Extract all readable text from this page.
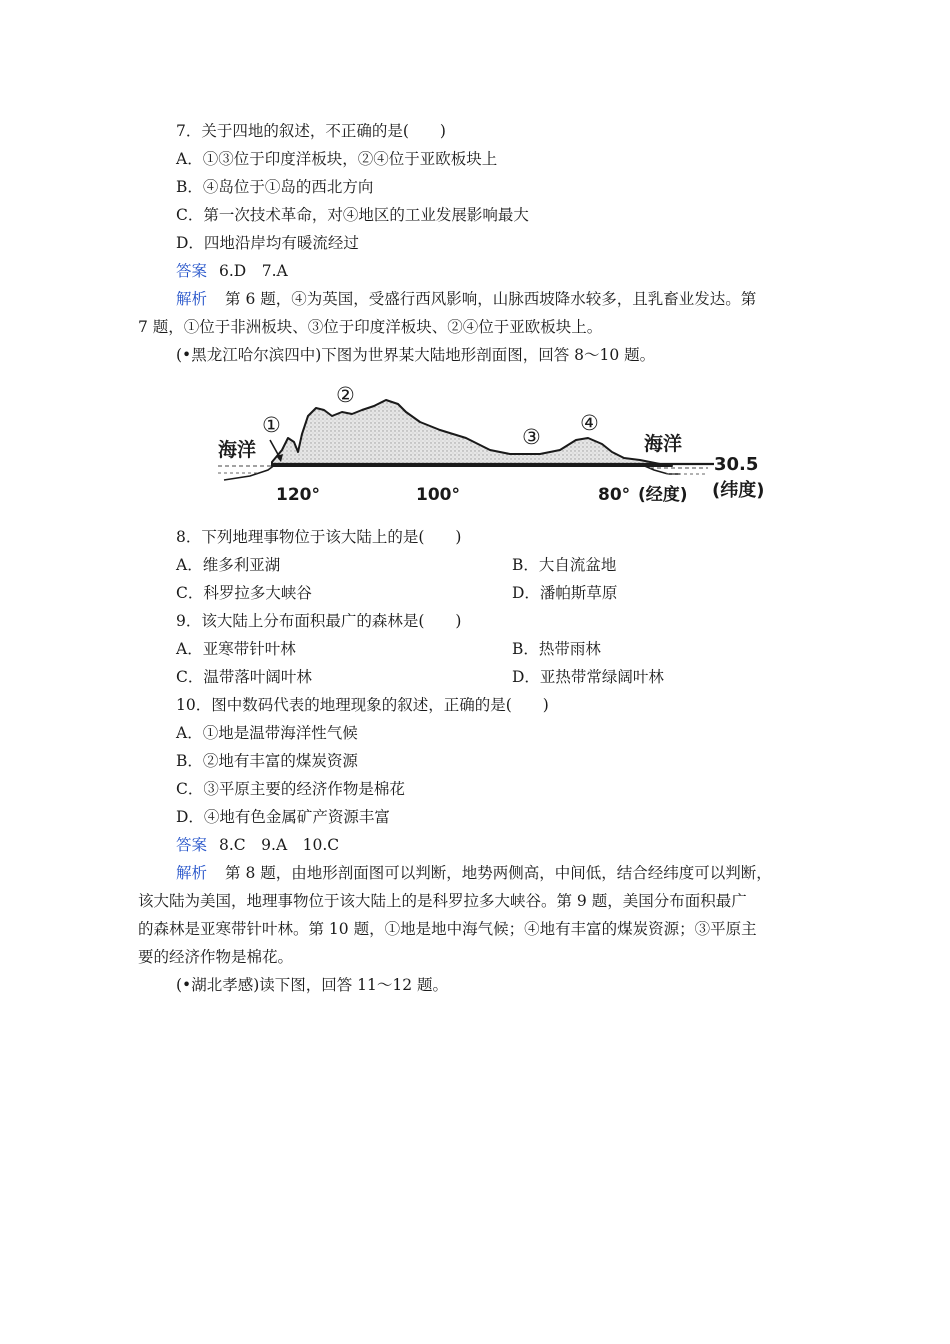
7．关于四地的叙述，不正确的是(　　)
A．①③位于印度洋板块，②④位于亚欧板块上
B．④岛位于①岛的西北方向
C．第一次技术革命，对④地区的工业发展影响最大
D．四地沿岸均有暖流经过
答案 6.D　7.A
解析 第 6 题，④为英国，受盛行西风影响，山脉西坡降水较多，且乳畜业发达。第
7 题，①位于非洲板块、③位于印度洋板块、②④位于亚欧板块上。
(•黑龙江哈尔滨四中)下图为世界某大陆地形剖面图，回答 8～10 题。
海洋	海洋
①
②
③
④
120°	100°	80° (经度)
30.5
(纬度)
8．下列地理事物位于该大陆上的是(　　)
A．维多利亚湖	B．大自流盆地
C．科罗拉多大峡谷	D．潘帕斯草原
9．该大陆上分布面积最广的森林是(　　)
A．亚寒带针叶林	B．热带雨林
C．温带落叶阔叶林	D．亚热带常绿阔叶林
10．图中数码代表的地理现象的叙述，正确的是(　　)
A．①地是温带海洋性气候
B．②地有丰富的煤炭资源
C．③平原主要的经济作物是棉花
D．④地有色金属矿产资源丰富
答案 8.C　9.A　10.C
解析 第 8 题，由地形剖面图可以判断，地势两侧高，中间低，结合经纬度可以判断，
该大陆为美国，地理事物位于该大陆上的是科罗拉多大峡谷。第 9 题，美国分布面积最广
的森林是亚寒带针叶林。第 10 题，①地是地中海气候；④地有丰富的煤炭资源；③平原主
要的经济作物是棉花。
(•湖北孝感)读下图，回答 11～12 题。
